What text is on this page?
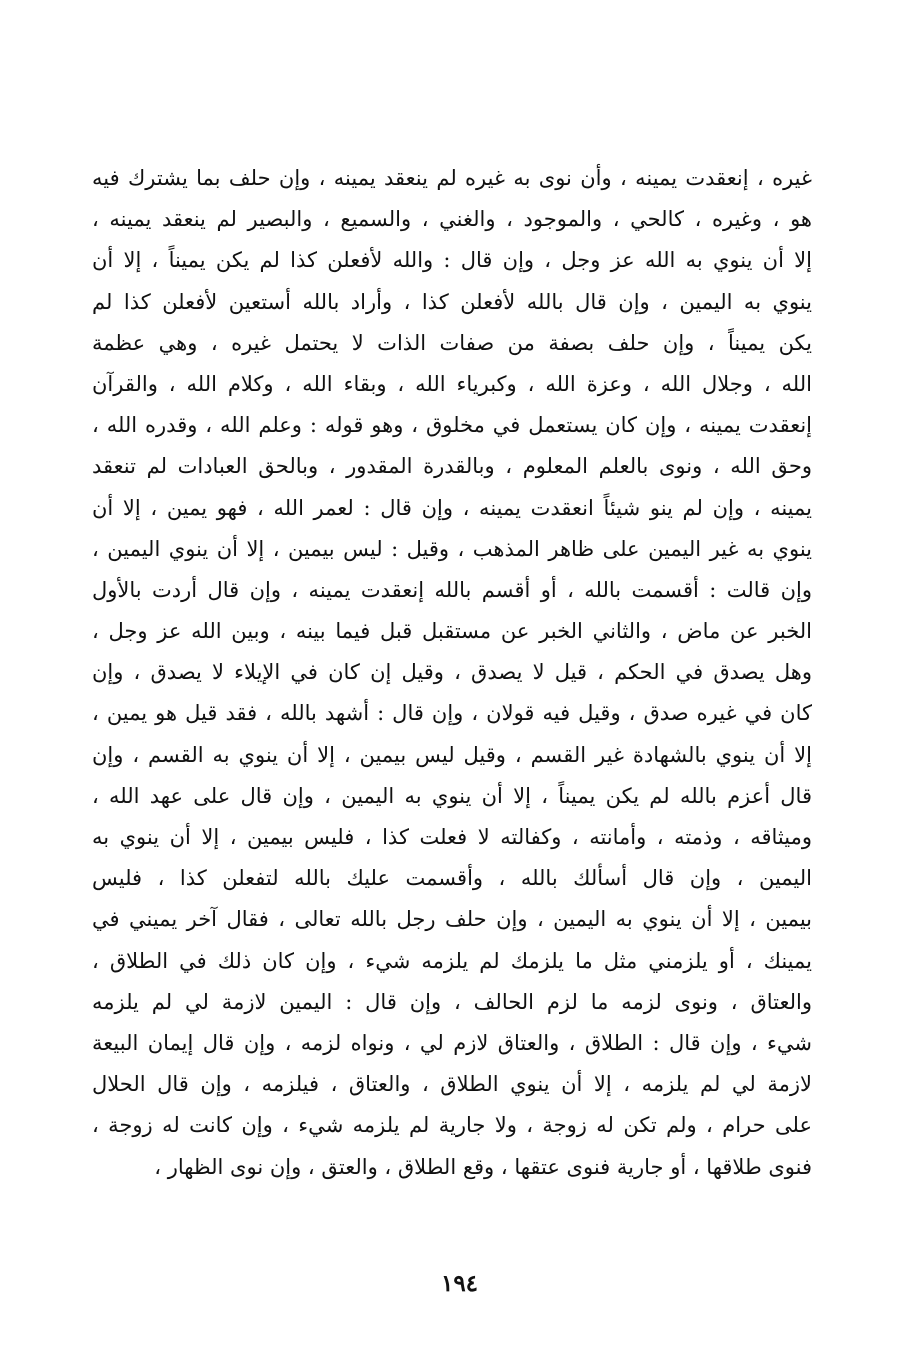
غيره ، إنعقدت يمينه ، وأن نوى به غيره لم ينعقد يمينه ، وإن حلف بما يشترك فيه
هو ، وغيره ، كالحي ، والموجود ، والغني ، والسميع ، والبصير لم ينعقد يمينه ،
إلا أن ينوي به الله عز وجل ، وإن قال : والله لأفعلن كذا لم يكن يميناً ، إلا أن
ينوي به اليمين ، وإن قال بالله لأفعلن كذا ، وأراد بالله أستعين لأفعلن كذا لم
يكن يميناً ، وإن حلف بصفة من صفات الذات لا يحتمل غيره ، وهي عظمة
الله ، وجلال الله ، وعزة الله ، وكبرياء الله ، وبقاء الله ، وكلام الله ، والقرآن
إنعقدت يمينه ، وإن كان يستعمل في مخلوق ، وهو قوله : وعلم الله ، وقدره الله ،
وحق الله ، ونوى بالعلم المعلوم ، وبالقدرة المقدور ، وبالحق العبادات لم تنعقد
يمينه ، وإن لم ينو شيئاً انعقدت يمينه ، وإن قال : لعمر الله ، فهو يمين ، إلا أن
ينوي به غير اليمين على ظاهر المذهب ، وقيل : ليس بيمين ، إلا أن ينوي اليمين ،
وإن قالت : أقسمت بالله ، أو أقسم بالله إنعقدت يمينه ، وإن قال أردت بالأول
الخبر عن ماض ، والثاني الخبر عن مستقبل قبل فيما بينه ، وبين الله عز وجل ،
وهل يصدق في الحكم ، قيل لا يصدق ، وقيل إن كان في الإيلاء لا يصدق ، وإن
كان في غيره صدق ، وقيل فيه قولان ، وإن قال : أشهد بالله ، فقد قيل هو يمين ،
إلا أن ينوي بالشهادة غير القسم ، وقيل ليس بيمين ، إلا أن ينوي به القسم ، وإن
قال أعزم بالله لم يكن يميناً ، إلا أن ينوي به اليمين ، وإن قال على عهد الله ،
وميثاقه ، وذمته ، وأمانته ، وكفالته لا فعلت كذا ، فليس بيمين ، إلا أن ينوي به
اليمين ، وإن قال أسألك بالله ، وأقسمت عليك بالله لتفعلن كذا ، فليس
بيمين ، إلا أن ينوي به اليمين ، وإن حلف رجل بالله تعالى ، فقال آخر يميني في
يمينك ، أو يلزمني مثل ما يلزمك لم يلزمه شيء ، وإن كان ذلك في الطلاق ،
والعتاق ، ونوى لزمه ما لزم الحالف ، وإن قال : اليمين لازمة لي لم يلزمه
شيء ، وإن قال : الطلاق ، والعتاق لازم لي ، ونواه لزمه ، وإن قال إيمان البيعة
لازمة لي لم يلزمه ، إلا أن ينوي الطلاق ، والعتاق ، فيلزمه ، وإن قال الحلال
على حرام ، ولم تكن له زوجة ، ولا جارية لم يلزمه شيء ، وإن كانت له زوجة ،
فنوى طلاقها ، أو جارية فنوى عتقها ، وقع الطلاق ، والعتق ، وإن نوى الظهار ،
١٩٤
